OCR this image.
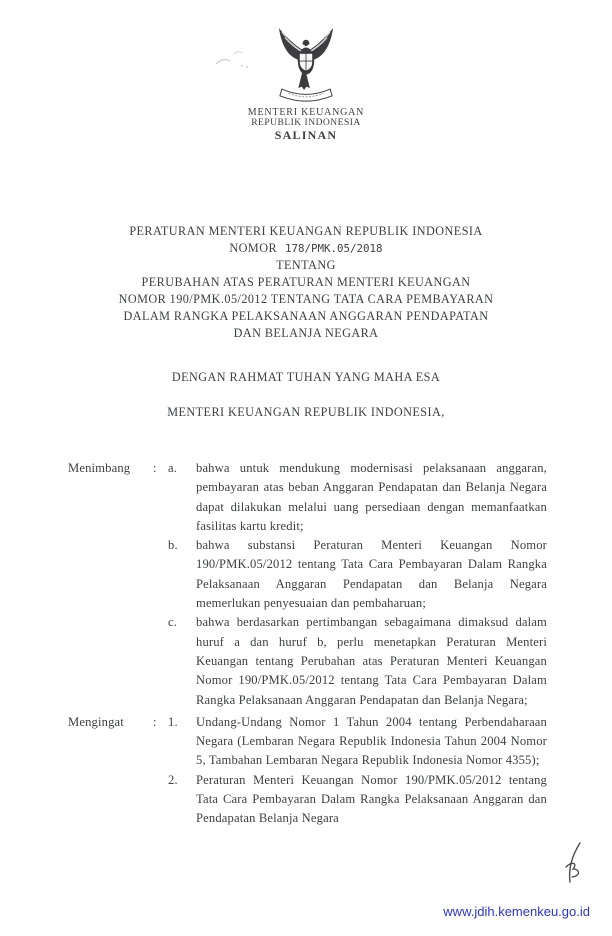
MENTERI KEUANGAN
REPUBLIK INDONESIA
SALINAN
PERATURAN MENTERI KEUANGAN REPUBLIK INDONESIA
NOMOR 178/PMK.05/2018
TENTANG
PERUBAHAN ATAS PERATURAN MENTERI KEUANGAN
NOMOR 190/PMK.05/2012 TENTANG TATA CARA PEMBAYARAN
DALAM RANGKA PELAKSANAAN ANGGARAN PENDAPATAN
DAN BELANJA NEGARA
DENGAN RAHMAT TUHAN YANG MAHA ESA
MENTERI KEUANGAN REPUBLIK INDONESIA,
Menimbang	: a.	bahwa untuk mendukung modernisasi pelaksanaan anggaran, pembayaran atas beban Anggaran Pendapatan dan Belanja Negara dapat dilakukan melalui uang persediaan dengan memanfaatkan fasilitas kartu kredit;
b.	bahwa substansi Peraturan Menteri Keuangan Nomor 190/PMK.05/2012 tentang Tata Cara Pembayaran Dalam Rangka Pelaksanaan Anggaran Pendapatan dan Belanja Negara memerlukan penyesuaian dan pembaharuan;
c.	bahwa berdasarkan pertimbangan sebagaimana dimaksud dalam huruf a dan huruf b, perlu menetapkan Peraturan Menteri Keuangan tentang Perubahan atas Peraturan Menteri Keuangan Nomor 190/PMK.05/2012 tentang Tata Cara Pembayaran Dalam Rangka Pelaksanaan Anggaran Pendapatan dan Belanja Negara;
Mengingat	: 1.	Undang-Undang Nomor 1 Tahun 2004 tentang Perbendaharaan Negara (Lembaran Negara Republik Indonesia Tahun 2004 Nomor 5, Tambahan Lembaran Negara Republik Indonesia Nomor 4355);
2.	Peraturan Menteri Keuangan Nomor 190/PMK.05/2012 tentang Tata Cara Pembayaran Dalam Rangka Pelaksanaan Anggaran dan Pendapatan Belanja Negara
www.jdih.kemenkeu.go.id
